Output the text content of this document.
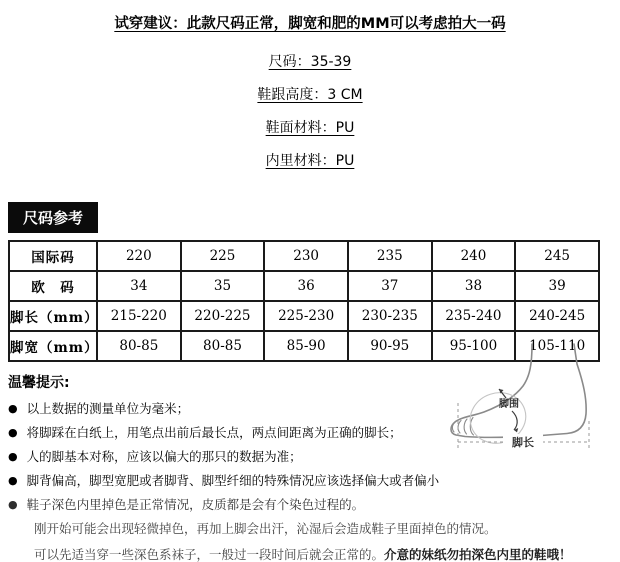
试穿建议：此款尺码正常，脚宽和肥的MM可以考虑拍大一码
尺码：35-39
鞋跟高度：3 CM
鞋面材料：PU
内里材料：PU
尺码参考
国际码	220	225	230	235	240	245
欧　码	34	35	36	37	38	39
脚长（mm）	215-220	220-225	225-230	230-235	235-240	240-245
脚宽（mm）	80-85	80-85	85-90	90-95	95-100	105-110
温馨提示:
● 以上数据的测量单位为毫米；
● 将脚踩在白纸上，用笔点出前后最长点，两点间距离为正确的脚长；
● 人的脚基本对称，应该以偏大的那只的数据为准；
● 脚背偏高，脚型宽肥或者脚背、脚型纤细的特殊情况应该选择偏大或者偏小
● 鞋子深色内里掉色是正常情况，皮质都是会有个染色过程的。
刚开始可能会出现轻微掉色，再加上脚会出汗，沁湿后会造成鞋子里面掉色的情况。
可以先适当穿一些深色系袜子，一般过一段时间后就会正常的。介意的妹纸勿拍深色内里的鞋哦！
脚围
脚长
